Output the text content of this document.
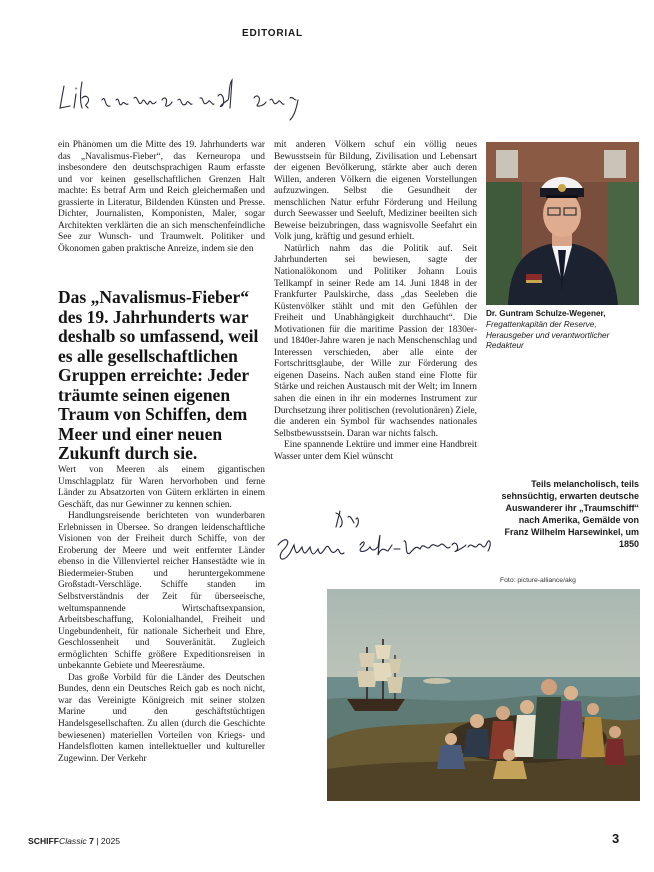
EDITORIAL

ein Phänomen um die Mitte des 19. Jahrhunderts war das „Navalismus-Fieber“, das Kerneuropa und insbesondere den deutschsprachigen Raum erfasste und vor keinen gesellschaftlichen Grenzen Halt machte: Es betraf Arm und Reich gleichermaßen und grassierte in Literatur, Bildenden Künsten und Presse. Dichter, Journalisten, Komponisten, Maler, sogar Architekten verklärten die an sich menschenfeindliche See zur Wunsch- und Traumwelt. Politiker und Ökonomen gaben praktische Anreize, indem sie den

Das „Navalismus-Fieber“ des 19. Jahrhunderts war deshalb so umfassend, weil es alle gesellschaftlichen Gruppen erreichte: Jeder träumte seinen eigenen Traum von Schiffen, dem Meer und einer neuen Zukunft durch sie.

Wert von Meeren als einem gigantischen Umschlagplatz für Waren hervorhoben und ferne Länder zu Absatzorten von Gütern erklärten in einem Geschäft, das nur Gewinner zu kennen schien.

Handlungsreisende berichteten von wunderbaren Erlebnissen in Übersee. So drangen leidenschaftliche Visionen von der Freiheit durch Schiffe, von der Eroberung der Meere und weit entfernter Länder ebenso in die Villenviertel reicher Hansestädte wie in Biedermeier-Stuben und heruntergekommene Großstadt-Verschläge. Schiffe standen im Selbstverständnis der Zeit für überseeische, weltumspannende Wirtschaftsexpansion, Arbeitsbeschaffung, Kolonialhandel, Freiheit und Ungebundenheit, für nationale Sicherheit und Ehre, Geschlossenheit und Souveränität. Zugleich ermöglichten Schiffe größere Expeditionsreisen in unbekannte Gebiete und Meeresräume.

Das große Vorbild für die Länder des Deutschen Bundes, denn ein Deutsches Reich gab es noch nicht, war das Vereinigte Königreich mit seiner stolzen Marine und den geschäftstüchtigen Handelsgesellschaften. Zu allen (durch die Geschichte bewiesenen) materiellen Vorteilen von Kriegs- und Handelsflotten kamen intellektueller und kultureller Zugewinn. Der Verkehr

mit anderen Völkern schuf ein völlig neues Bewusstsein für Bildung, Zivilisation und Lebensart der eigenen Bevölkerung, stärkte aber auch deren Willen, anderen Völkern die eigenen Vorstellungen aufzuzwingen. Selbst die Gesundheit der menschlichen Natur erfuhr Förderung und Heilung durch Seewasser und Seeluft, Mediziner beeilten sich Beweise beizubringen, dass wagnisvolle Seefahrt ein Volk jung, kräftig und gesund erhielt.

Natürlich nahm das die Politik auf. Seit Jahrhunderten sei bewiesen, sagte der Nationalökonom und Politiker Johann Louis Tellkampf in seiner Rede am 14. Juni 1848 in der Frankfurter Paulskirche, dass „das Seeleben die Küstenvölker stählt und mit den Gefühlen der Freiheit und Unabhängigkeit durchhaucht“. Die Motivationen für die maritime Passion der 1830er- und 1840er-Jahre waren je nach Menschenschlag und Interessen verschieden, aber alle einte der Fortschrittsglaube, der Wille zur Förderung des eigenen Daseins. Nach außen stand eine Flotte für Stärke und reichen Austausch mit der Welt; im Innern sahen die einen in ihr ein modernes Instrument zur Durchsetzung ihrer politischen (revolutionären) Ziele, die anderen ein Symbol für wachsendes nationales Selbstbewusstsein. Daran war nichts falsch.

Eine spannende Lektüre und immer eine Handbreit Wasser unter dem Kiel wünscht

Dr. Guntram Schulze-Wegener,
Fregattenkapitän der Reserve, Herausgeber und verantwortlicher Redakteur
Teils melancholisch, teils sehnsüchtig, erwarten deutsche Auswanderer ihr „Traumschiff“ nach Amerika, Gemälde von Franz Wilhelm Harsewinkel, um 1850
Foto: picture-alliance/akg
SCHIFFClassic 7 | 2025	3
